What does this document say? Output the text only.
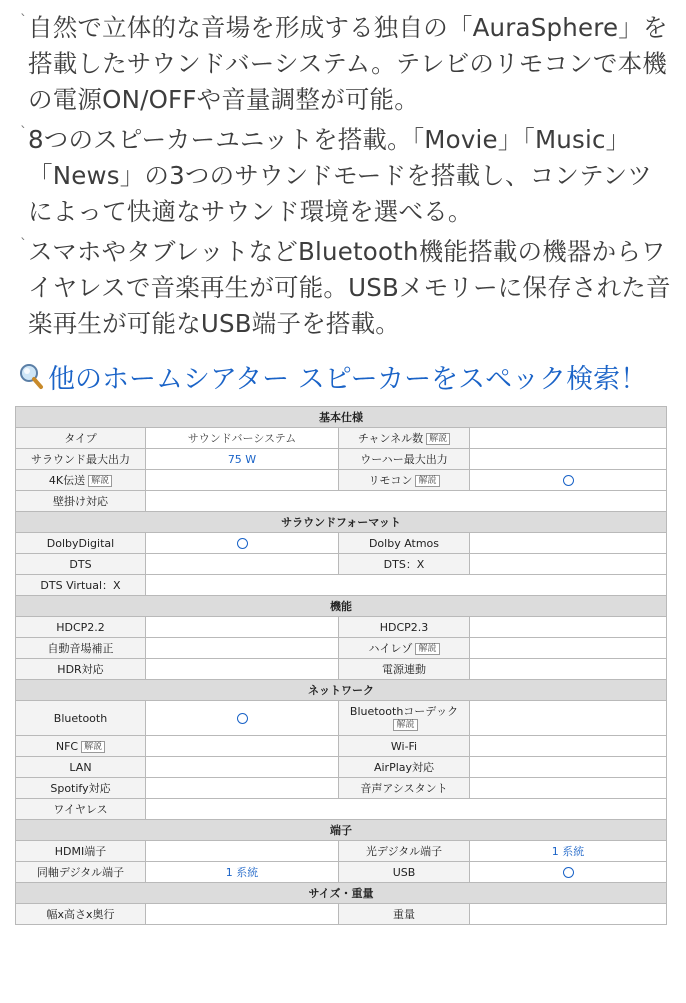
ˋ 自然で立体的な音場を形成する独自の「AuraSphere」を搭載したサウンドバーシステム。テレビのリモコンで本機の電源ON/OFFや音量調整が可能。
ˋ 8つのスピーカーユニットを搭載。「Movie」「Music」「News」の3つのサウンドモードを搭載し、コンテンツによって快適なサウンド環境を選べる。
ˋ スマホやタブレットなどBluetooth機能搭載の機器からワイヤレスで音楽再生が可能。USBメモリーに保存された音楽再生が可能なUSB端子を搭載。
他のホームシアター スピーカーをスペック検索！
基本仕様			
タイプ	サウンドバーシステム	チャンネル数 解説	
サラウンド最大出力	75 W	ウーハー最大出力	
4K伝送 解説		リモコン 解説	
壁掛け対応			
サラウンドフォーマット			
DolbyDigital		Dolby Atmos	
DTS		DTS：X	
DTS Virtual：X			
機能			
HDCP2.2		HDCP2.3	
自動音場補正		ハイレゾ 解説	
HDR対応		電源連動	
ネットワーク			
Bluetooth		Bluetoothコーデック
解説	
NFC 解説		Wi-Fi	
LAN		AirPlay対応	
Spotify対応		音声アシスタント	
ワイヤレス			
端子			
HDMI端子		光デジタル端子	1 系統
同軸デジタル端子	1 系統	USB	
サイズ・重量			
幅x高さx奥行		重量	
